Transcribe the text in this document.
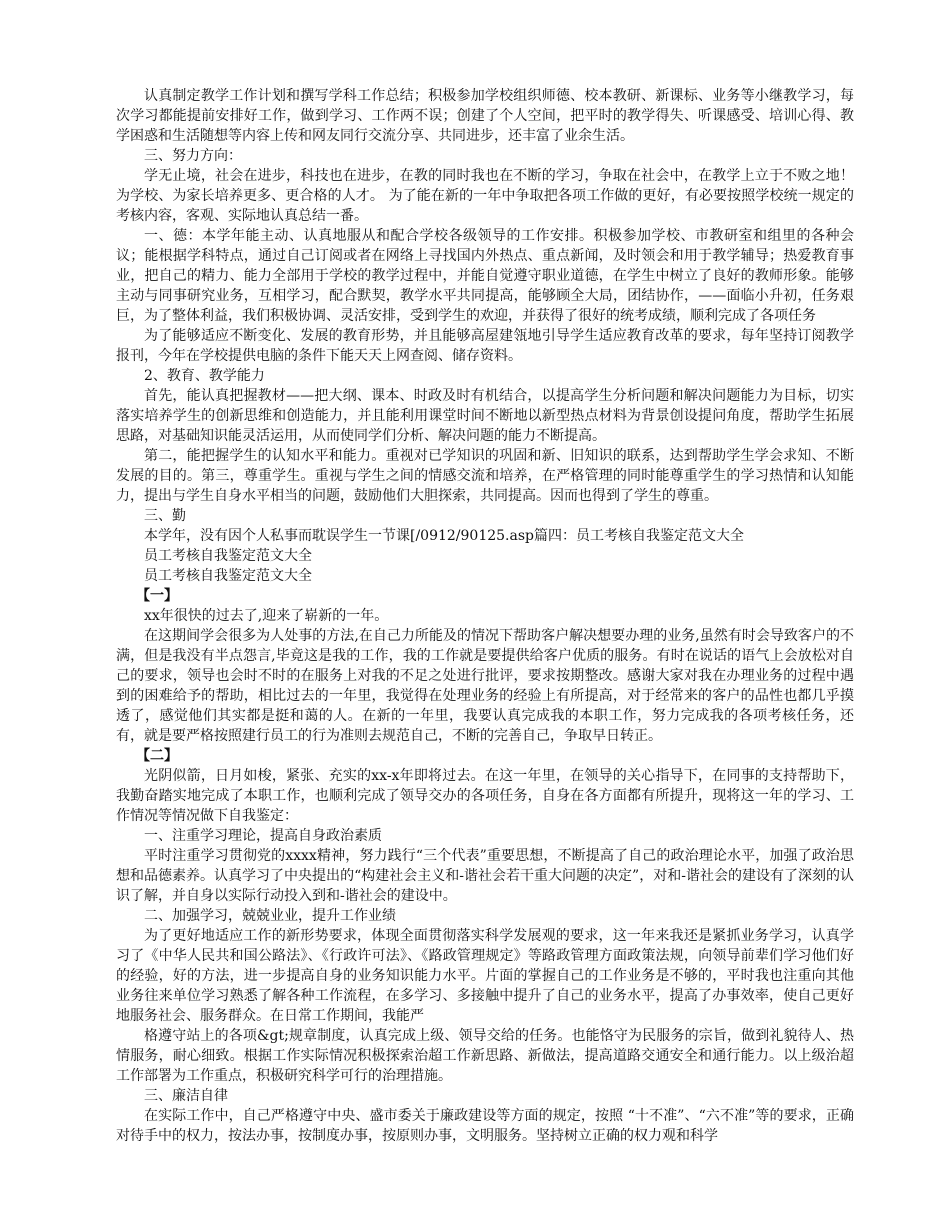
认真制定教学工作计划和撰写学科工作总结；积极参加学校组织师德、校本教研、新课标、业务等小继教学习，每次学习都能提前安排好工作，做到学习、工作两不误；创建了个人空间，把平时的教学得失、听课感受、培训心得、教学困惑和生活随想等内容上传和网友同行交流分享、共同进步，还丰富了业余生活。

三、努力方向：

学无止境，社会在进步，科技也在进步，在教的同时我也在不断的学习，争取在社会中，在教学上立于不败之地！为学校、为家长培养更多、更合格的人才。 为了能在新的一年中争取把各项工作做的更好，有必要按照学校统一规定的考核内容，客观、实际地认真总结一番。

一、德：本学年能主动、认真地服从和配合学校各级领导的工作安排。积极参加学校、市教研室和组里的各种会议；能根据学科特点，通过自己订阅或者在网络上寻找国内外热点、重点新闻，及时领会和用于教学辅导；热爱教育事业，把自己的精力、能力全部用于学校的教学过程中，并能自觉遵守职业道德，在学生中树立了良好的教师形象。能够主动与同事研究业务，互相学习，配合默契，教学水平共同提高，能够顾全大局，团结协作，——面临小升初，任务艰巨，为了整体利益，我们积极协调、灵活安排，受到学生的欢迎，并获得了很好的统考成绩，顺利完成了各项任务

为了能够适应不断变化、发展的教育形势，并且能够高屋建瓴地引导学生适应教育改革的要求，每年坚持订阅教学报刊，今年在学校提供电脑的条件下能天天上网查阅、储存资料。

2、教育、教学能力

首先，能认真把握教材——把大纲、课本、时政及时有机结合，以提高学生分析问题和解决问题能力为目标，切实落实培养学生的创新思维和创造能力，并且能利用课堂时间不断地以新型热点材料为背景创设提问角度，帮助学生拓展思路，对基础知识能灵活运用，从而使同学们分析、解决问题的能力不断提高。

第二，能把握学生的认知水平和能力。重视对已学知识的巩固和新、旧知识的联系，达到帮助学生学会求知、不断发展的目的。第三，尊重学生。重视与学生之间的情感交流和培养，在严格管理的同时能尊重学生的学习热情和认知能力，提出与学生自身水平相当的问题，鼓励他们大胆探索，共同提高。因而也得到了学生的尊重。

三、勤

本学年，没有因个人私事而耽误学生一节课[/0912/90125.asp篇四：员工考核自我鉴定范文大全

员工考核自我鉴定范文大全

员工考核自我鉴定范文大全

【一】

xx年很快的过去了,迎来了崭新的一年。

在这期间学会很多为人处事的方法,在自己力所能及的情况下帮助客户解决想要办理的业务,虽然有时会导致客户的不满，但是我没有半点怨言,毕竟这是我的工作，我的工作就是要提供给客户优质的服务。有时在说话的语气上会放松对自己的要求，领导也会时不时的在服务上对我的不足之处进行批评，要求按期整改。感谢大家对我在办理业务的过程中遇到的困难给予的帮助，相比过去的一年里，我觉得在处理业务的经验上有所提高，对于经常来的客户的品性也都几乎摸透了，感觉他们其实都是挺和蔼的人。在新的一年里，我要认真完成我的本职工作，努力完成我的各项考核任务，还有，就是要严格按照建行员工的行为准则去规范自己，不断的完善自己，争取早日转正。

【二】

光阴似箭，日月如梭，紧张、充实的xx-x年即将过去。在这一年里，在领导的关心指导下，在同事的支持帮助下，我勤奋踏实地完成了本职工作，也顺利完成了领导交办的各项任务，自身在各方面都有所提升，现将这一年的学习、工作情况等情况做下自我鉴定：

一、注重学习理论，提高自身政治素质

平时注重学习贯彻党的xxxx精神，努力践行“三个代表”重要思想，不断提高了自己的政治理论水平，加强了政治思想和品德素养。认真学习了中央提出的“构建社会主义和-谐社会若干重大问题的决定”，对和-谐社会的建设有了深刻的认识了解，并自身以实际行动投入到和-谐社会的建设中。

二、加强学习，兢兢业业，提升工作业绩

为了更好地适应工作的新形势要求，体现全面贯彻落实科学发展观的要求，这一年来我还是紧抓业务学习，认真学习了《中华人民共和国公路法》、《行政许可法》、《路政管理规定》等路政管理方面政策法规，向领导前辈们学习他们好的经验，好的方法，进一步提高自身的业务知识能力水平。片面的掌握自己的工作业务是不够的，平时我也注重向其他业务往来单位学习熟悉了解各种工作流程，在多学习、多接触中提升了自己的业务水平，提高了办事效率，使自己更好地服务社会、服务群众。在日常工作期间，我能严

格遵守站上的各项&gt;规章制度，认真完成上级、领导交给的任务。也能恪守为民服务的宗旨，做到礼貌待人、热情服务，耐心细致。根据工作实际情况积极探索治超工作新思路、新做法，提高道路交通安全和通行能力。以上级治超工作部署为工作重点，积极研究科学可行的治理措施。

三、廉洁自律

在实际工作中，自己严格遵守中央、盛市委关于廉政建设等方面的规定，按照 “十不准”、“六不准”等的要求，正确对待手中的权力，按法办事，按制度办事，按原则办事，文明服务。坚持树立正确的权力观和科学
